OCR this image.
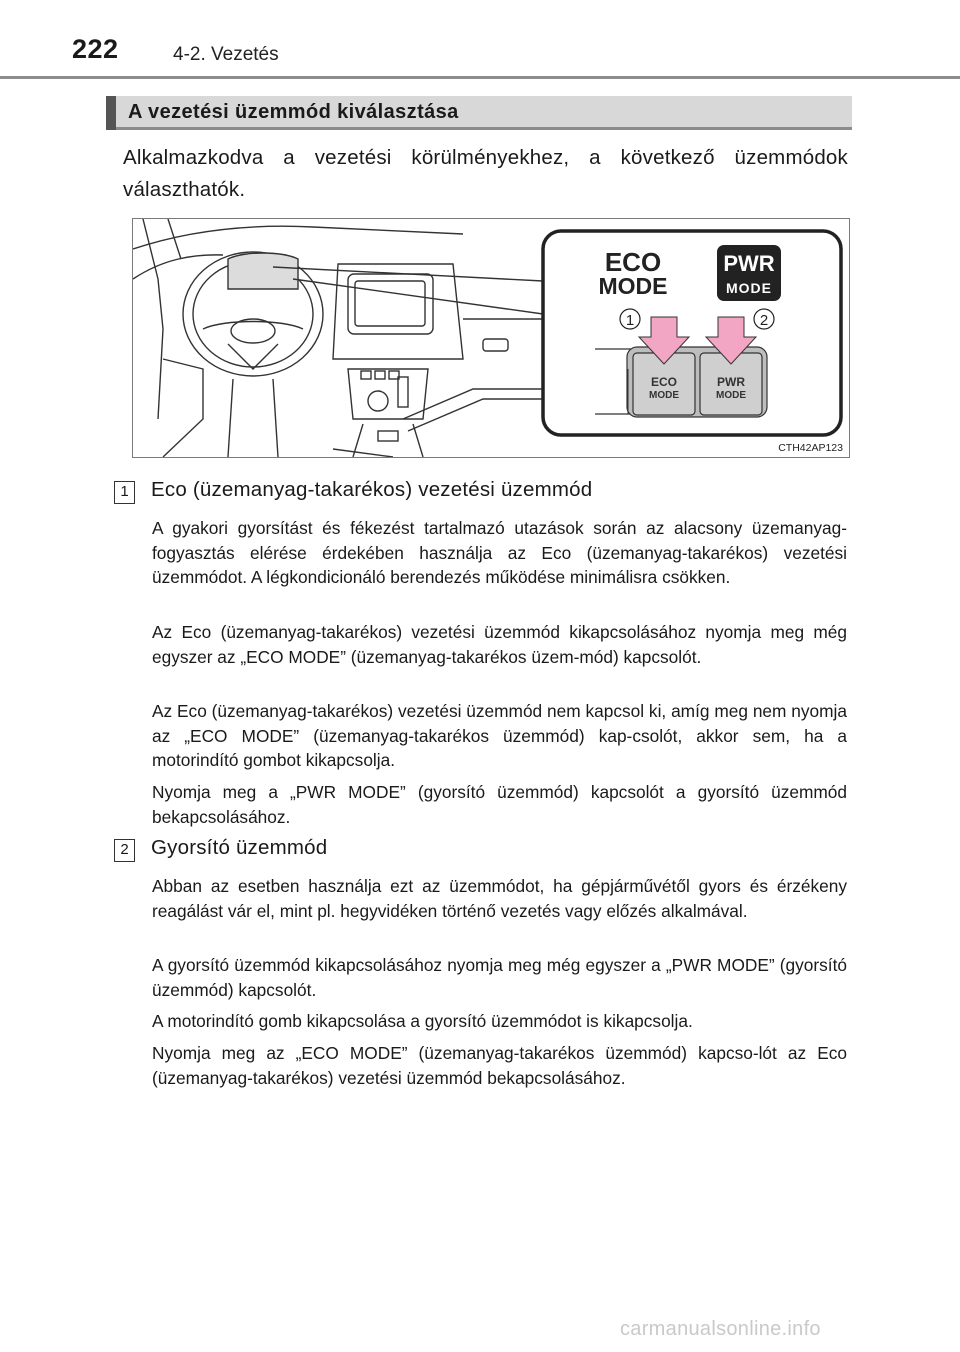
222	4-2. Vezetés
A vezetési üzemmód kiválasztása
Alkalmazkodva a vezetési körülményekhez, a következő üzemmódok választhatók.
ECO
MODE
PWR
MODE
1	2
ECO
MODE
PWR
MODE
CTH42AP123
1	Eco (üzemanyag-takarékos) vezetési üzemmód
A gyakori gyorsítást és fékezést tartalmazó utazások során az alacsony üzemanyag-fogyasztás elérése érdekében használja az Eco (üzemanyag-takarékos) vezetési üzemmódot. A légkondicionáló berendezés működése minimálisra csökken.
Az Eco (üzemanyag-takarékos) vezetési üzemmód kikapcsolásához nyomja meg még egyszer az „ECO MODE” (üzemanyag-takarékos üzem-mód) kapcsolót.
Az Eco (üzemanyag-takarékos) vezetési üzemmód nem kapcsol ki, amíg meg nem nyomja az „ECO MODE” (üzemanyag-takarékos üzemmód) kap-csolót, akkor sem, ha a motorindító gombot kikapcsolja.
Nyomja meg a „PWR MODE” (gyorsító üzemmód) kapcsolót a gyorsító üzemmód bekapcsolásához.
2	Gyorsító üzemmód
Abban az esetben használja ezt az üzemmódot, ha gépjárművétől gyors és érzékeny reagálást vár el, mint pl. hegyvidéken történő vezetés vagy előzés alkalmával.
A gyorsító üzemmód kikapcsolásához nyomja meg még egyszer a „PWR MODE” (gyorsító üzemmód) kapcsolót.
A motorindító gomb kikapcsolása a gyorsító üzemmódot is kikapcsolja.
Nyomja meg az „ECO MODE” (üzemanyag-takarékos üzemmód) kapcso-lót az Eco (üzemanyag-takarékos) vezetési üzemmód bekapcsolásához.
carmanualsonline.info
